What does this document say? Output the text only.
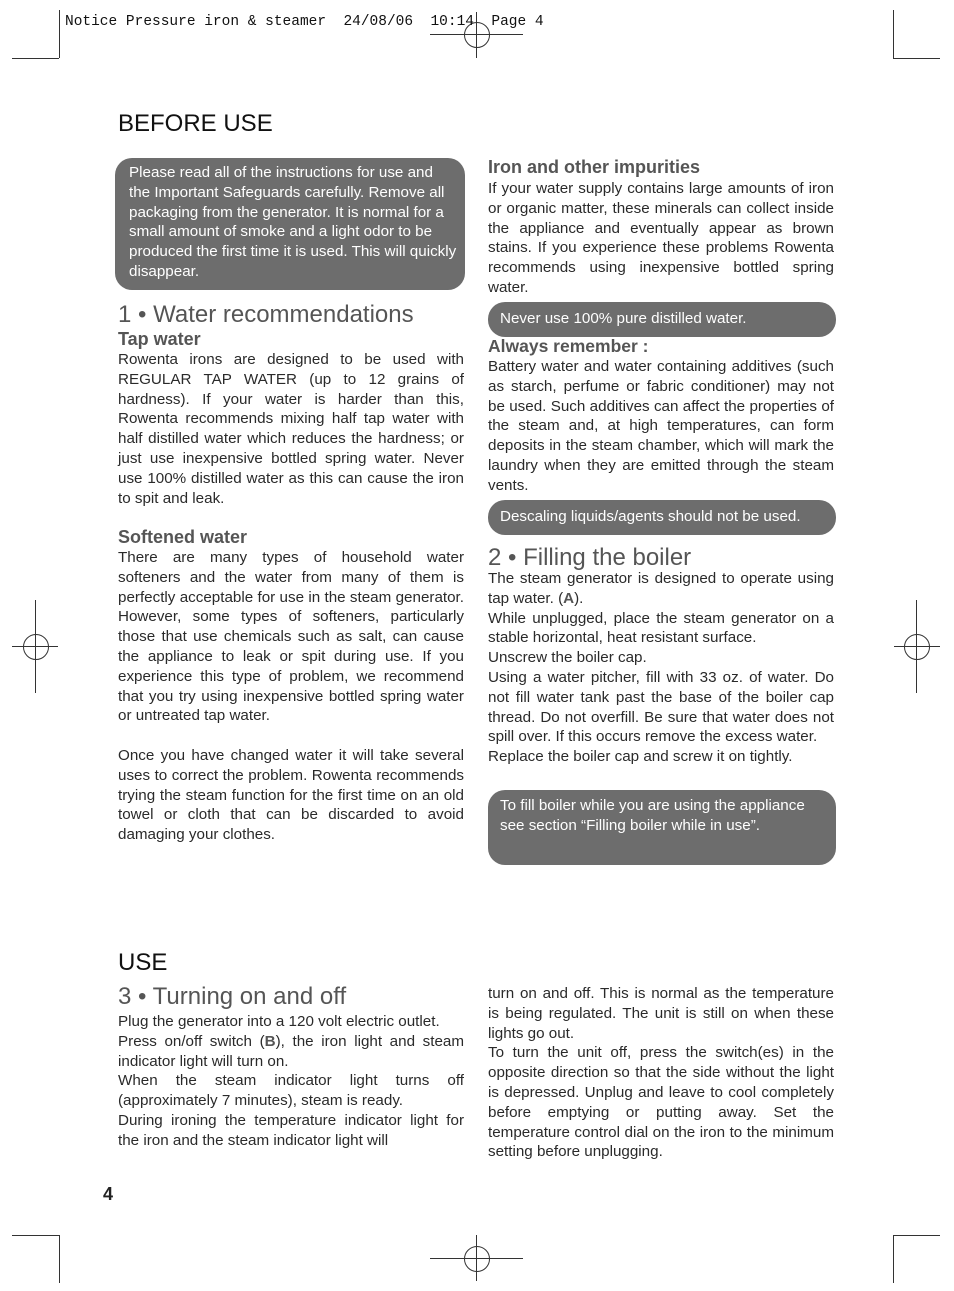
Notice Pressure iron & steamer  24/08/06  10:14  Page 4
BEFORE USE
Please read all of the instructions for use and the Important Safeguards carefully. Remove all packaging from the generator. It is normal for a small amount of smoke and a light odor to be produced the first time it is used. This will quickly disappear.
1 • Water recommendations
Tap water

Rowenta irons are designed to be used with REGULAR TAP WATER (up to 12 grains of hardness). If your water is harder than this, Rowenta recommends mixing half tap water with half distilled water which reduces the hardness; or just use inexpensive bottled spring water. Never use 100% distilled water as this can cause the iron to spit and leak.

Softened water

There are many types of household water softeners and the water from many of them is perfectly acceptable for use in the steam generator. However, some types of softeners, particularly those that use chemicals such as salt, can cause the appliance to leak or spit during use. If you experience this type of problem, we recommend that you try using inexpensive bottled spring water or untreated tap water.

Once you have changed water it will take several uses to correct the problem. Rowenta recommends trying the steam function for the first time on an old towel or cloth that can be discarded to avoid damaging your clothes.

Iron and other impurities

If your water supply contains large amounts of iron or organic matter, these minerals can collect inside the appliance and eventually appear as brown stains. If you experience these problems Rowenta recommends using inexpensive bottled spring water.

Never use 100% pure distilled water.
Always remember :

Battery water and water containing additives (such as starch, perfume or fabric conditioner) may not be used. Such additives can affect the properties of the steam and, at high temperatures, can form deposits in the steam chamber, which will mark the laundry when they are emitted through the steam vents.

Descaling liquids/agents should not be used.
2 • Filling the boiler

The steam generator is designed to operate using tap water. (A).

While unplugged, place the steam generator on a stable horizontal, heat resistant surface.

Unscrew the boiler cap.

Using a water pitcher, fill with 33 oz. of water. Do not fill water tank past the base of the boiler cap thread. Do not overfill. Be sure that water does not spill over. If this occurs remove the excess water.

Replace the boiler cap and screw it on tightly.

To fill boiler while you are using the appliance see section “Filling boiler while in use”.
USE
3 • Turning on and off

Plug the generator into a 120 volt electric outlet.

Press on/off switch (B), the iron light and steam indicator light will turn on.

When the steam indicator light turns off (approximately 7 minutes), steam is ready.

During ironing the temperature indicator light for the iron and the steam indicator light will

turn on and off. This is normal as the temperature is being regulated. The unit is still on when these lights go out.

To turn the unit off, press the switch(es) in the opposite direction so that the side without the light is depressed. Unplug and leave to cool completely before emptying or putting away. Set the temperature control dial on the iron to the minimum setting before unplugging.

4
